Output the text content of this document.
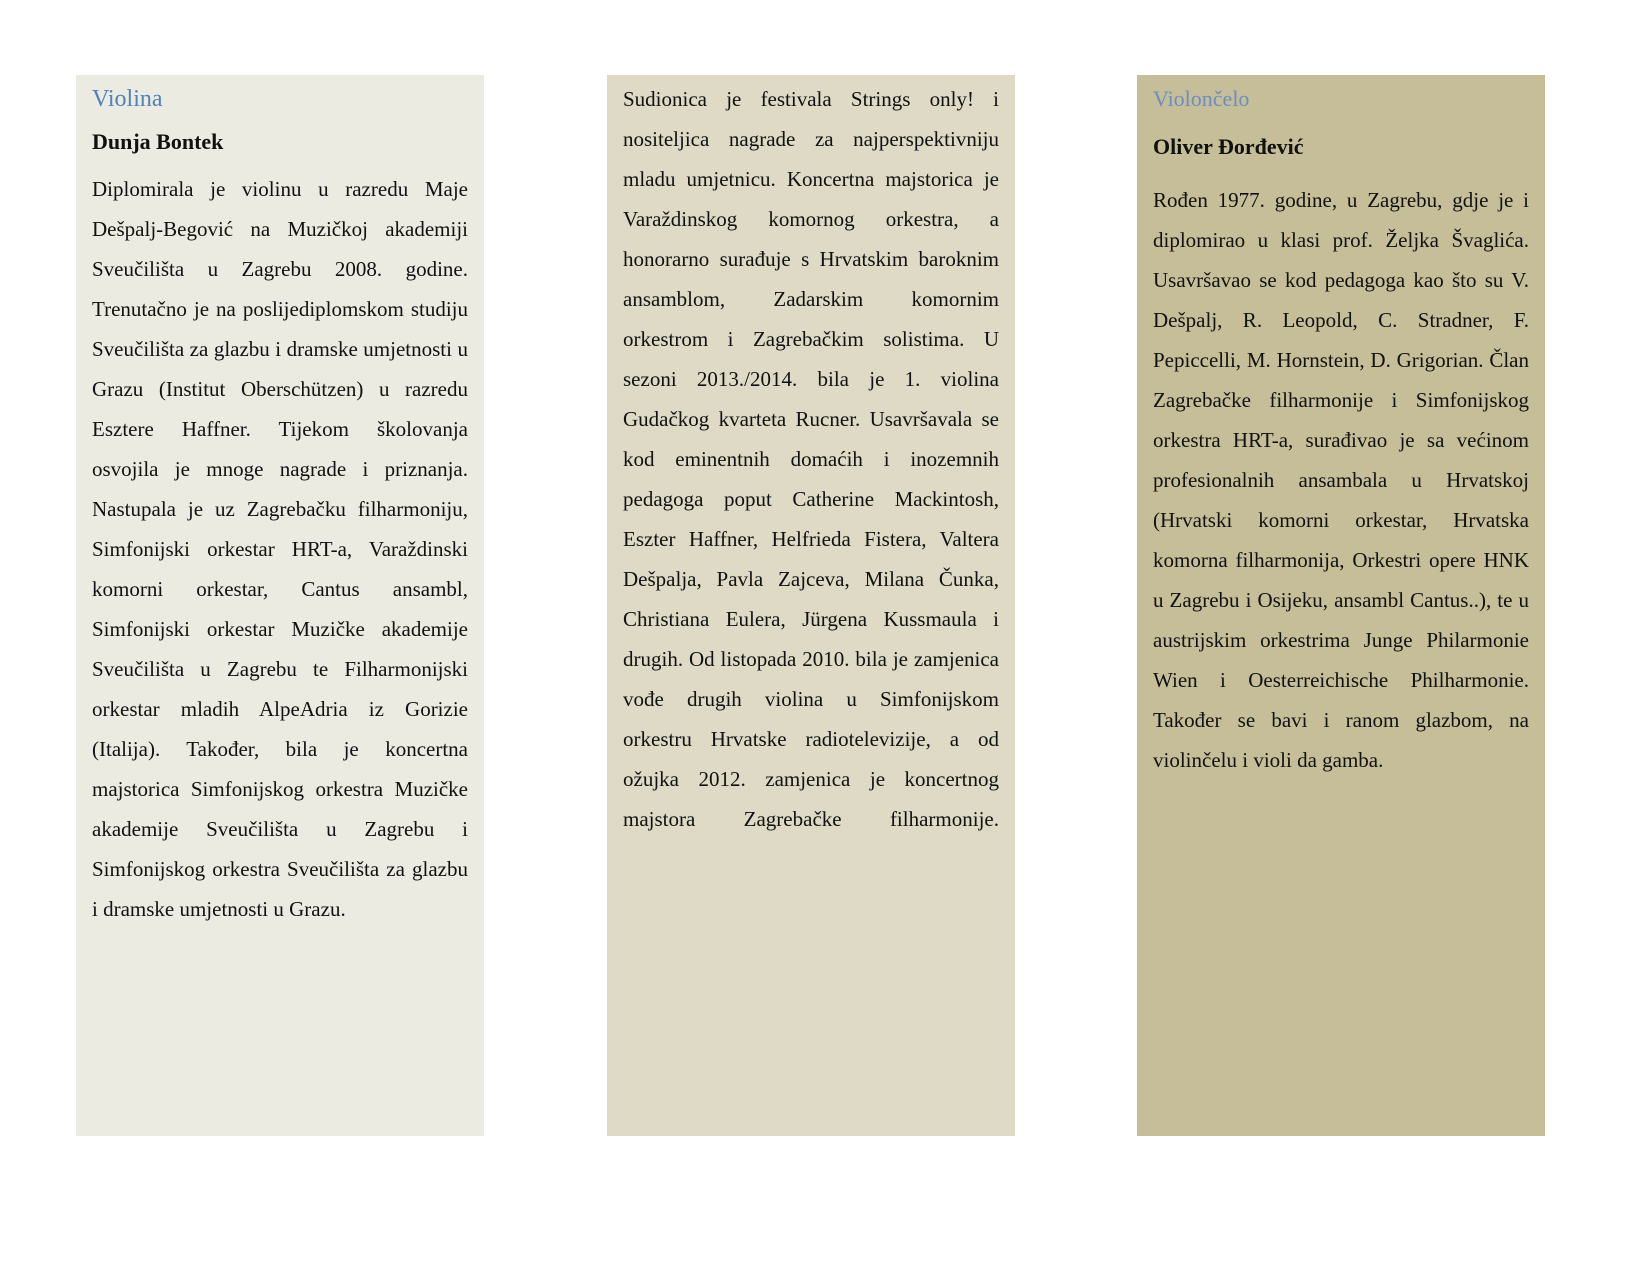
Violina
Dunja Bontek

Diplomirala je violinu u razredu Maje Dešpalj-Begović na Muzičkoj akademiji Sveučilišta u Zagrebu 2008. godine. Trenutačno je na poslijediplomskom studiju Sveučilišta za glazbu i dramske umjetnosti u Grazu (Institut Oberschützen) u razredu Esztere Haffner. Tijekom školovanja osvojila je mnoge nagrade i priznanja. Nastupala je uz Zagrebačku filharmoniju, Simfonijski orkestar HRT-a, Varaždinski komorni orkestar, Cantus ansambl, Simfonijski orkestar Muzičke akademije Sveučilišta u Zagrebu te Filharmonijski orkestar mladih AlpeAdria iz Gorizie (Italija). Također, bila je koncertna majstorica Simfonijskog orkestra Muzičke akademije Sveučilišta u Zagrebu i Simfonijskog orkestra Sveučilišta za glazbu i dramske umjetnosti u Grazu.

Sudionica je festivala Strings only! i nositeljica nagrade za najperspektivniju mladu umjetnicu. Koncertna majstorica je Varaždinskog komornog orkestra, a honorarno surađuje s Hrvatskim baroknim ansamblom, Zadarskim komornim orkestrom i Zagrebačkim solistima. U sezoni 2013./2014. bila je 1. violina Gudačkog kvarteta Rucner. Usavršavala se kod eminentnih domaćih i inozemnih pedagoga poput Catherine Mackintosh, Eszter Haffner, Helfrieda Fistera, Valtera Dešpalja, Pavla Zajceva, Milana Čunka, Christiana Eulera, Jürgena Kussmaula i drugih. Od listopada 2010. bila je zamjenica vođe drugih violina u Simfonijskom orkestru Hrvatske radiotelevizije, a od ožujka 2012. zamjenica je koncertnog majstora Zagrebačke filharmonije.

Violončelo
Oliver Đorđević

Rođen 1977. godine, u Zagrebu, gdje je i diplomirao u klasi prof. Željka Švaglića. Usavršavao se kod pedagoga kao što su V. Dešpalj, R. Leopold, C. Stradner, F. Pepiccelli, M. Hornstein, D. Grigorian. Član Zagrebačke filharmonije i Simfonijskog orkestra HRT-a, surađivao je sa većinom profesionalnih ansambala u Hrvatskoj (Hrvatski komorni orkestar, Hrvatska komorna filharmonija, Orkestri opere HNK u Zagrebu i Osijeku, ansambl Cantus..), te u austrijskim orkestrima Junge Philarmonie Wien i Oesterreichische Philharmonie. Također se bavi i ranom glazbom, na violinčelu i violi da gamba.
